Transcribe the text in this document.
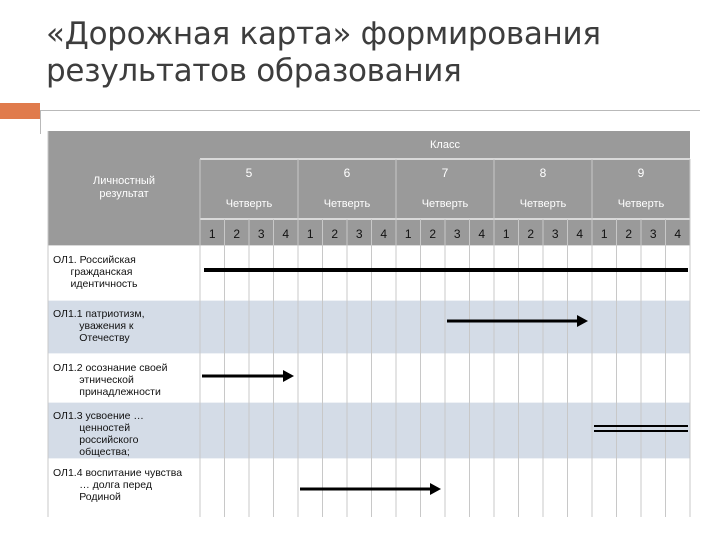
«Дорожная карта» формирования
результатов образования
Класс
Личностный результат
5
Четверть
1 2 3 4
6
Четверть
1 2 3 4
7
Четверть
1 2 3 4
8
Четверть
1 2 3 4
9
Четверть
1 2 3 4
ОЛ1. Российская
гражданская
идентичность
ОЛ1.1 патриотизм,
уважения к
Отечеству
ОЛ1.2 осознание своей
этнической
принадлежности
ОЛ1.3 усвоение …
ценностей
российского
общества;
ОЛ1.4 воспитание чувства
… долга перед
Родиной
